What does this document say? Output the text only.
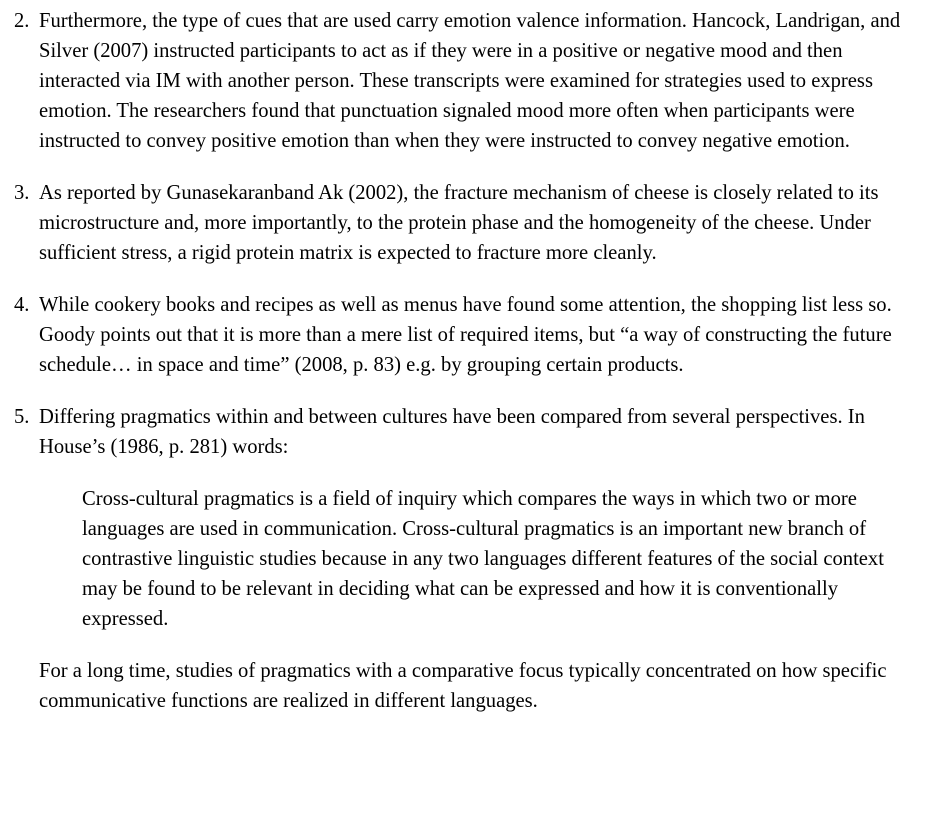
2. Furthermore, the type of cues that are used carry emotion valence information. Hancock, Landrigan, and Silver (2007) instructed participants to act as if they were in a positive or negative mood and then interacted via IM with another person. These transcripts were examined for strategies used to express emotion. The researchers found that punctuation signaled mood more often when participants were instructed to convey positive emotion than when they were instructed to convey negative emotion.

3. As reported by Gunasekaranband Ak (2002), the fracture mechanism of cheese is closely related to its microstructure and, more importantly, to the protein phase and the homogeneity of the cheese. Under sufficient stress, a rigid protein matrix is expected to fracture more cleanly.

4. While cookery books and recipes as well as menus have found some attention, the shopping list less so. Goody points out that it is more than a mere list of required items, but “a way of constructing the future schedule… in space and time” (2008, p. 83) e.g. by grouping certain products.

5. Differing pragmatics within and between cultures have been compared from several perspectives. In House’s (1986, p. 281) words:

Cross-cultural pragmatics is a field of inquiry which compares the ways in which two or more languages are used in communication. Cross-cultural pragmatics is an important new branch of contrastive linguistic studies because in any two languages different features of the social context may be found to be relevant in deciding what can be expressed and how it is conventionally expressed.

For a long time, studies of pragmatics with a comparative focus typically concentrated on how specific communicative functions are realized in different languages.
